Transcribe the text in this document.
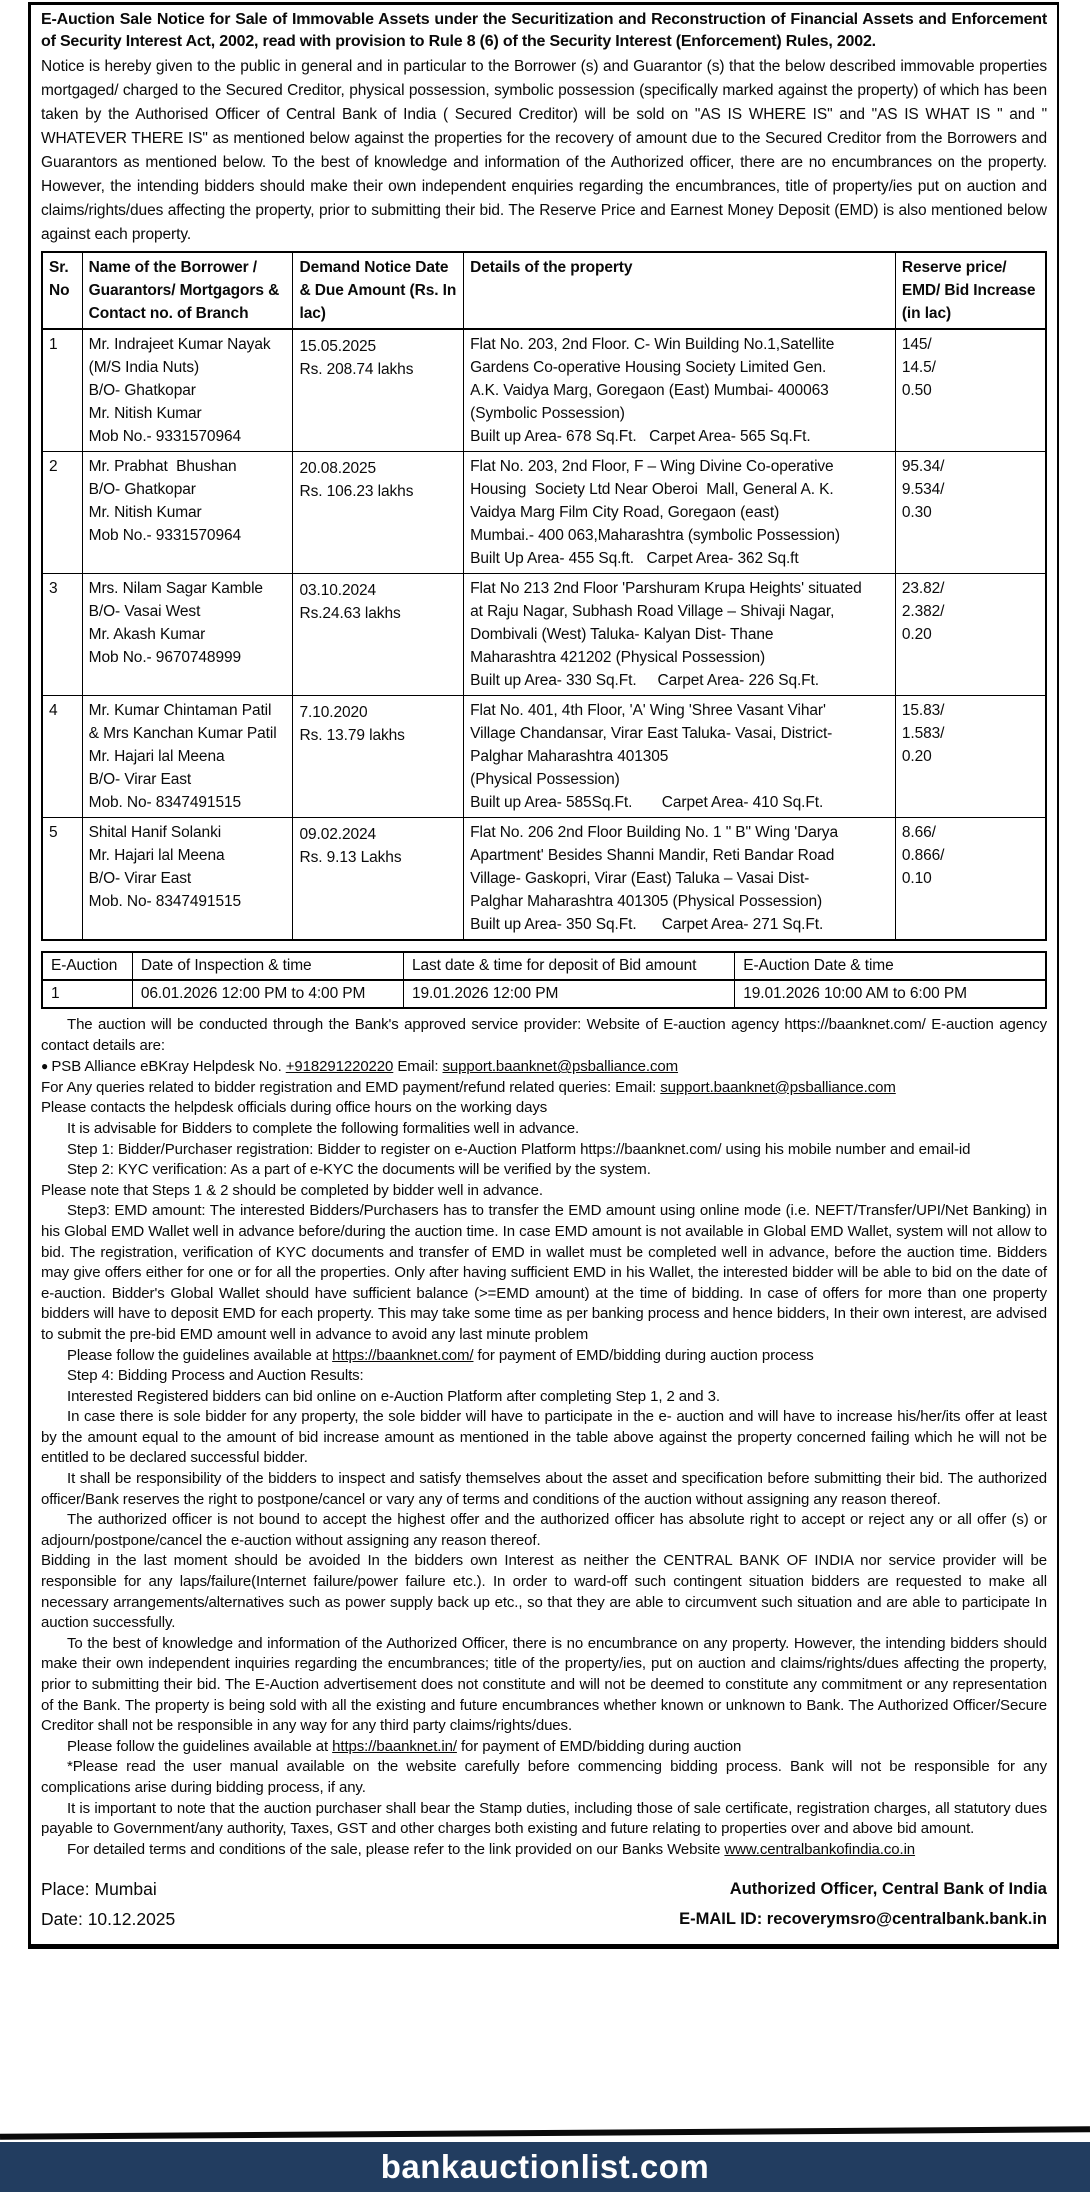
E-Auction Sale Notice for Sale of Immovable Assets under the Securitization and Reconstruction of Financial Assets and Enforcement of Security Interest Act, 2002, read with provision to Rule 8 (6) of the Security Interest (Enforcement) Rules, 2002.
Notice is hereby given to the public in general and in particular to the Borrower (s) and Guarantor (s) that the below described immovable properties mortgaged/ charged to the Secured Creditor, physical possession, symbolic possession (specifically marked against the property) of which has been taken by the Authorised Officer of Central Bank of India ( Secured Creditor) will be sold on "AS IS WHERE IS" and "AS IS WHAT IS " and " WHATEVER THERE IS" as mentioned below against the properties for the recovery of amount due to the Secured Creditor from the Borrowers and Guarantors as mentioned below. To the best of knowledge and information of the Authorized officer, there are no encumbrances on the property. However, the intending bidders should make their own independent enquiries regarding the encumbrances, title of property/ies put on auction and claims/rights/dues affecting the property, prior to submitting their bid. The Reserve Price and Earnest Money Deposit (EMD) is also mentioned below against each property.
Sr. No	Name of the Borrower / Guarantors/ Mortgagors & Contact no. of Branch	Demand Notice Date & Due Amount (Rs. In lac)	Details of the property	Reserve price/ EMD/ Bid Increase (in lac)

1	Mr. Indrajeet Kumar Nayak
(M/S India Nuts)
B/O- Ghatkopar
Mr. Nitish Kumar
Mob No.- 9331570964

15.05.2025
Rs. 208.74 lakhs

Flat No. 203, 2nd Floor. C- Win Building No.1,Satellite
Gardens Co-operative Housing Society Limited Gen.
A.K. Vaidya Marg, Goregaon (East) Mumbai- 400063
(Symbolic Possession)
Built up Area- 678 Sq.Ft.   Carpet Area- 565 Sq.Ft.

145/
14.5/
0.50

2	Mr. Prabhat  Bhushan
B/O- Ghatkopar
Mr. Nitish Kumar
Mob No.- 9331570964

20.08.2025
Rs. 106.23 lakhs

Flat No. 203, 2nd Floor, F – Wing Divine Co-operative
Housing  Society Ltd Near Oberoi  Mall, General A. K.
Vaidya Marg Film City Road, Goregaon (east)
Mumbai.- 400 063,Maharashtra (symbolic Possession)
Built Up Area- 455 Sq.ft.   Carpet Area- 362 Sq.ft

95.34/
9.534/
0.30

3	Mrs. Nilam Sagar Kamble
B/O- Vasai West
Mr. Akash Kumar
Mob No.- 9670748999

03.10.2024
Rs.24.63 lakhs

Flat No 213 2nd Floor 'Parshuram Krupa Heights' situated
at Raju Nagar, Subhash Road Village – Shivaji Nagar,
Dombivali (West) Taluka- Kalyan Dist- Thane
Maharashtra 421202 (Physical Possession)
Built up Area- 330 Sq.Ft.     Carpet Area- 226 Sq.Ft.

23.82/
2.382/
0.20

4	Mr. Kumar Chintaman Patil
& Mrs Kanchan Kumar Patil
Mr. Hajari lal Meena
B/O- Virar East
Mob. No- 8347491515

7.10.2020
Rs. 13.79 lakhs

Flat No. 401, 4th Floor, 'A' Wing 'Shree Vasant Vihar'
Village Chandansar, Virar East Taluka- Vasai, District-
Palghar Maharashtra 401305
(Physical Possession)
Built up Area- 585Sq.Ft.       Carpet Area- 410 Sq.Ft.

15.83/
1.583/
0.20

5	Shital Hanif Solanki
Mr. Hajari lal Meena
B/O- Virar East
Mob. No- 8347491515

09.02.2024
Rs. 9.13 Lakhs

Flat No. 206 2nd Floor Building No. 1 " B" Wing 'Darya
Apartment' Besides Shanni Mandir, Reti Bandar Road
Village- Gaskopri, Virar (East) Taluka – Vasai Dist-
Palghar Maharashtra 401305 (Physical Possession)
Built up Area- 350 Sq.Ft.      Carpet Area- 271 Sq.Ft.

8.66/
0.866/
0.10
E-Auction	Date of Inspection & time	Last date & time for deposit of Bid amount	E-Auction Date & time
1	06.01.2026 12:00 PM to 4:00 PM	19.01.2026 12:00 PM	19.01.2026 10:00 AM to 6:00 PM

The auction will be conducted through the Bank's approved service provider: Website of E-auction agency https://baanknet.com/ E-auction agency contact details are:

● PSB Alliance eBKray Helpdesk No. +918291220220 Email: support.baanknet@psballiance.com

For Any queries related to bidder registration and EMD payment/refund related queries: Email: support.baanknet@psballiance.com

Please contacts the helpdesk officials during office hours on the working days

It is advisable for Bidders to complete the following formalities well in advance.

Step 1: Bidder/Purchaser registration: Bidder to register on e-Auction Platform https://baanknet.com/ using his mobile number and email-id

Step 2: KYC verification: As a part of e-KYC the documents will be verified by the system.

Please note that Steps 1 & 2 should be completed by bidder well in advance.

Step3: EMD amount: The interested Bidders/Purchasers has to transfer the EMD amount using online mode (i.e. NEFT/Transfer/UPI/Net Banking) in his Global EMD Wallet well in advance before/during the auction time. In case EMD amount is not available in Global EMD Wallet, system will not allow to bid. The registration, verification of KYC documents and transfer of EMD in wallet must be completed well in advance, before the auction time. Bidders may give offers either for one or for all the properties. Only after having sufficient EMD in his Wallet, the interested bidder will be able to bid on the date of e-auction. Bidder's Global Wallet should have sufficient balance (>=EMD amount) at the time of bidding. In case of offers for more than one property bidders will have to deposit EMD for each property. This may take some time as per banking process and hence bidders, In their own interest, are advised to submit the pre-bid EMD amount well in advance to avoid any last minute problem

Please follow the guidelines available at https://baanknet.com/ for payment of EMD/bidding during auction process

Step 4: Bidding Process and Auction Results:

Interested Registered bidders can bid online on e-Auction Platform after completing Step 1, 2 and 3.

In case there is sole bidder for any property, the sole bidder will have to participate in the e- auction and will have to increase his/her/its offer at least by the amount equal to the amount of bid increase amount as mentioned in the table above against the property concerned failing which he will not be entitled to be declared successful bidder.

It shall be responsibility of the bidders to inspect and satisfy themselves about the asset and specification before submitting their bid. The authorized officer/Bank reserves the right to postpone/cancel or vary any of terms and conditions of the auction without assigning any reason thereof.

The authorized officer is not bound to accept the highest offer and the authorized officer has absolute right to accept or reject any or all offer (s) or adjourn/postpone/cancel the e-auction without assigning any reason thereof.

Bidding in the last moment should be avoided In the bidders own Interest as neither the CENTRAL BANK OF INDIA nor service provider will be responsible for any laps/failure(Internet failure/power failure etc.). In order to ward-off such contingent situation bidders are requested to make all necessary arrangements/alternatives such as power supply back up etc., so that they are able to circumvent such situation and are able to participate In auction successfully.

To the best of knowledge and information of the Authorized Officer, there is no encumbrance on any property. However, the intending bidders should make their own independent inquiries regarding the encumbrances; title of the property/ies, put on auction and claims/rights/dues affecting the property, prior to submitting their bid. The E-Auction advertisement does not constitute and will not be deemed to constitute any commitment or any representation of the Bank. The property is being sold with all the existing and future encumbrances whether known or unknown to Bank. The Authorized Officer/Secure Creditor shall not be responsible in any way for any third party claims/rights/dues.

Please follow the guidelines available at https://baanknet.in/ for payment of EMD/bidding during auction

*Please read the user manual available on the website carefully before commencing bidding process. Bank will not be responsible for any complications arise during bidding process, if any.

It is important to note that the auction purchaser shall bear the Stamp duties, including those of sale certificate, registration charges, all statutory dues payable to Government/any authority, Taxes, GST and other charges both existing and future relating to properties over and above bid amount.

For detailed terms and conditions of the sale, please refer to the link provided on our Banks Website www.centralbankofindia.co.in

Place: Mumbai
Date: 10.12.2025
Authorized Officer, Central Bank of India
E-MAIL ID: recoverymsro@centralbank.bank.in
bankauctionlist.com
